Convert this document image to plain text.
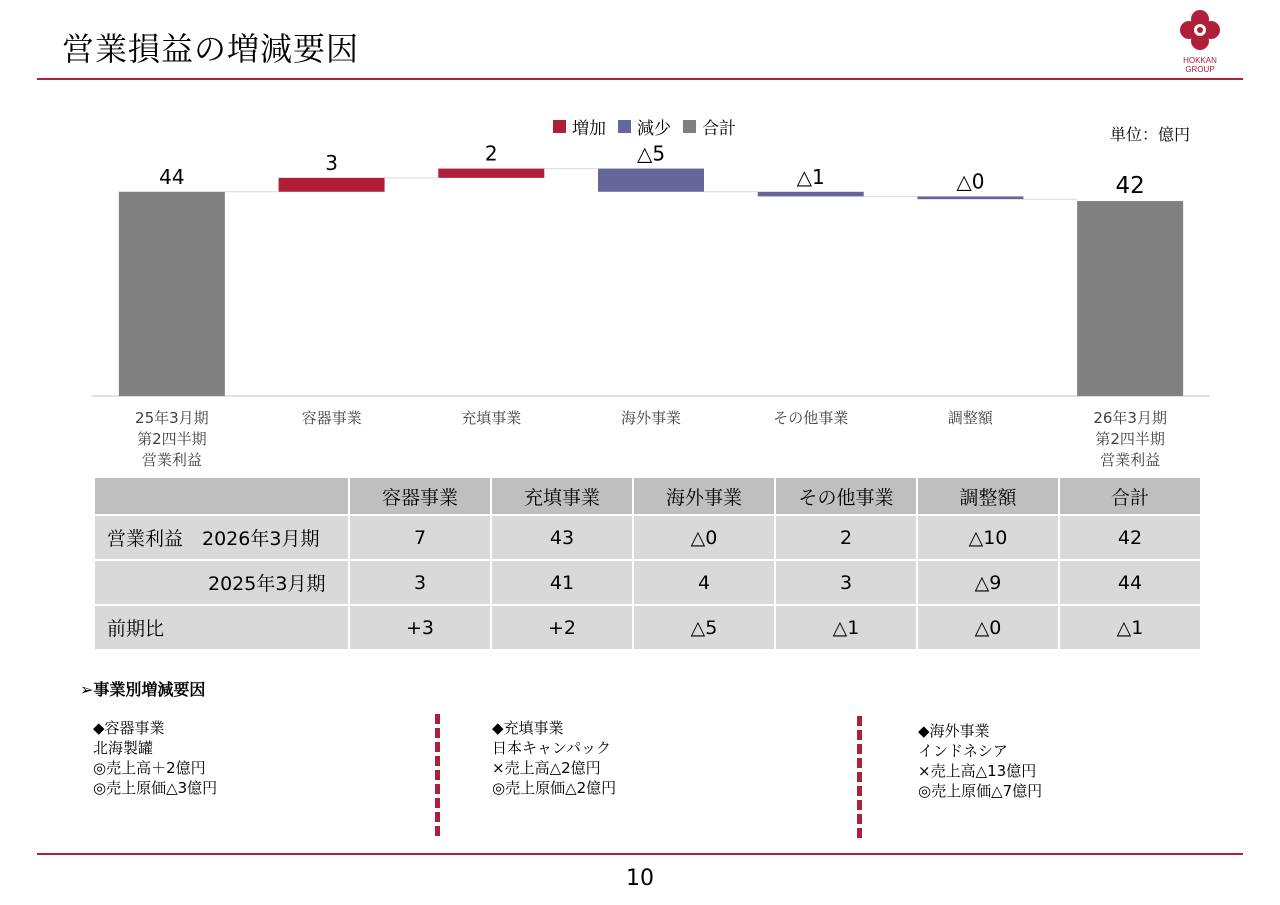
営業損益の増減要因	HOKKAN
GROUP
増加 減少 合計	単位：億円
44
25年3月期
第2四半期
営業利益
3
容器事業
2
充填事業
△5
海外事業
△1
その他事業
△0
調整額
42
26年3月期
第2四半期
営業利益
	容器事業	充填事業	海外事業	その他事業	調整額	合計
営業利益　2026年3月期	7	43	△0	2	△10	42
2025年3月期	3	41	4	3	△9	44
前期比	+3	+2	△5	△1	△0	△1
➢事業別増減要因
◆容器事業
北海製罐
◎売上高＋2億円
◎売上原価△3億円
◆充填事業
日本キャンパック
×売上高△2億円
◎売上原価△2億円
◆海外事業
インドネシア
×売上高△13億円
◎売上原価△7億円
10
